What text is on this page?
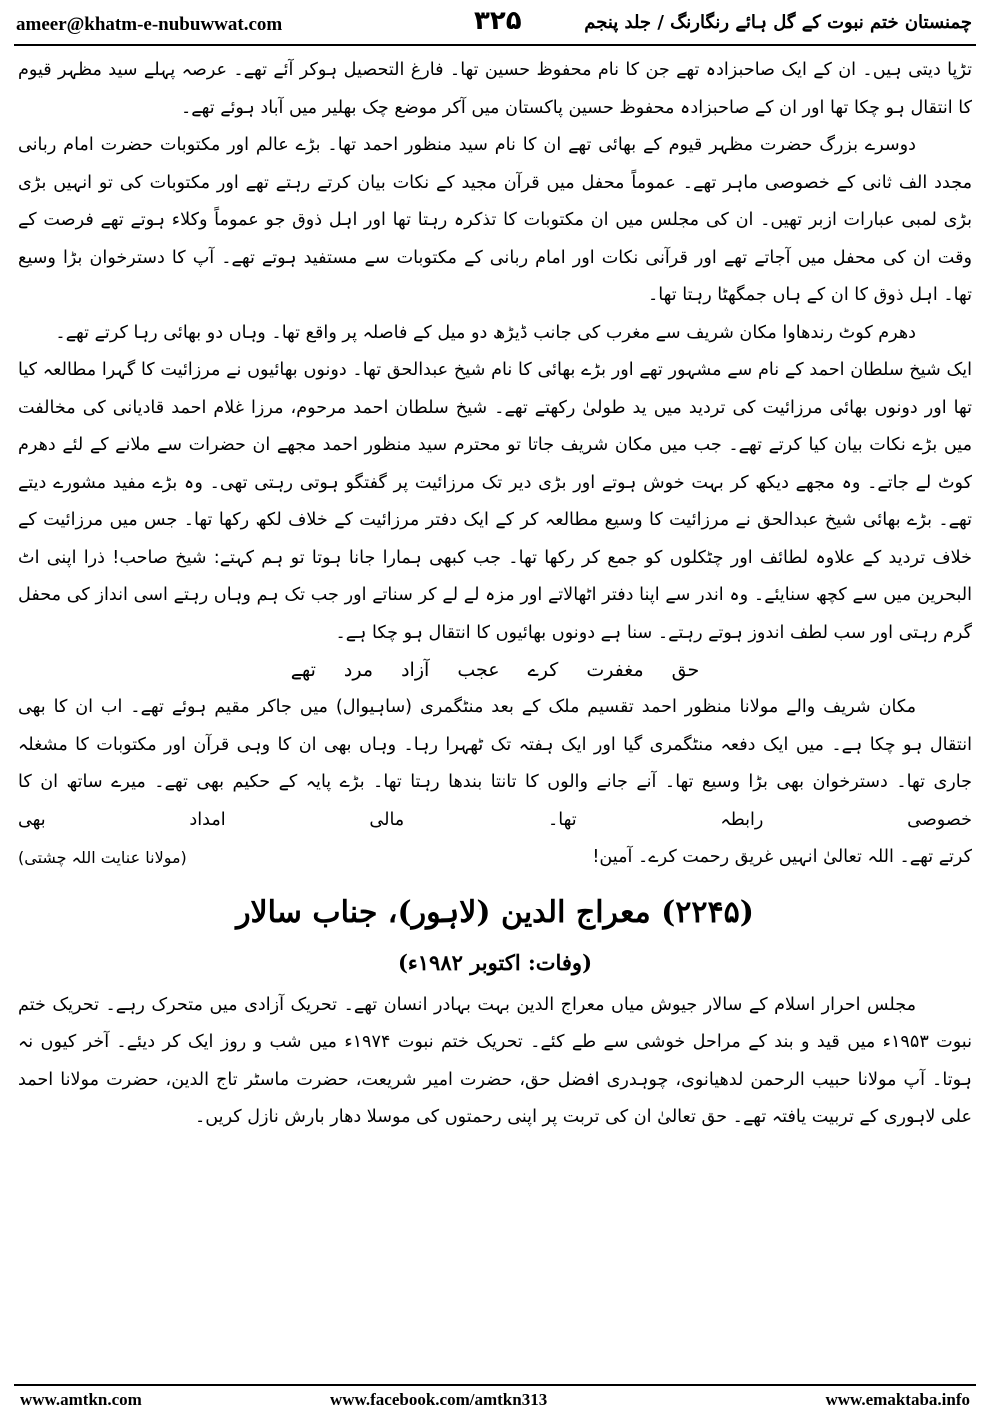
ameer@khatm-e-nubuwwat.com	۳۲۵	چمنستان ختم نبوت کے گل ہائے رنگارنگ / جلد پنجم

تڑپا دیتی ہیں۔ ان کے ایک صاحبزادہ تھے جن کا نام محفوظ حسین تھا۔ فارغ التحصیل ہوکر آئے تھے۔ عرصہ پہلے سید مظہر قیوم کا انتقال ہو چکا تھا اور ان کے صاحبزادہ محفوظ حسین پاکستان میں آکر موضع چک بھلیر میں آباد ہوئے تھے۔

دوسرے بزرگ حضرت مظہر قیوم کے بھائی تھے ان کا نام سید منظور احمد تھا۔ بڑے عالم اور مکتوبات حضرت امام ربانی مجدد الف ثانی کے خصوصی ماہر تھے۔ عموماً محفل میں قرآن مجید کے نکات بیان کرتے رہتے تھے اور مکتوبات کی تو انہیں بڑی بڑی لمبی عبارات ازبر تھیں۔ ان کی مجلس میں ان مکتوبات کا تذکرہ رہتا تھا اور اہل ذوق جو عموماً وکلاء ہوتے تھے فرصت کے وقت ان کی محفل میں آجاتے تھے اور قرآنی نکات اور امام ربانی کے مکتوبات سے مستفید ہوتے تھے۔ آپ کا دسترخوان بڑا وسیع تھا۔ اہل ذوق کا ان کے ہاں جمگھٹا رہتا تھا۔

دھرم کوٹ رندھاوا مکان شریف سے مغرب کی جانب ڈیڑھ دو میل کے فاصلہ پر واقع تھا۔ وہاں دو بھائی رہا کرتے تھے۔

ایک شیخ سلطان احمد کے نام سے مشہور تھے اور بڑے بھائی کا نام شیخ عبدالحق تھا۔ دونوں بھائیوں نے مرزائیت کا گہرا مطالعہ کیا تھا اور دونوں بھائی مرزائیت کی تردید میں ید طولیٰ رکھتے تھے۔ شیخ سلطان احمد مرحوم، مرزا غلام احمد قادیانی کی مخالفت میں بڑے نکات بیان کیا کرتے تھے۔ جب میں مکان شریف جاتا تو محترم سید منظور احمد مجھے ان حضرات سے ملانے کے لئے دھرم کوٹ لے جاتے۔ وہ مجھے دیکھ کر بہت خوش ہوتے اور بڑی دیر تک مرزائیت پر گفتگو ہوتی رہتی تھی۔ وہ بڑے مفید مشورے دیتے تھے۔ بڑے بھائی شیخ عبدالحق نے مرزائیت کا وسیع مطالعہ کر کے ایک دفتر مرزائیت کے خلاف لکھ رکھا تھا۔ جس میں مرزائیت کے خلاف تردید کے علاوہ لطائف اور چٹکلوں کو جمع کر رکھا تھا۔ جب کبھی ہمارا جانا ہوتا تو ہم کہتے: شیخ صاحب! ذرا اپنی اٹ البحرین میں سے کچھ سنایئے۔ وہ اندر سے اپنا دفتر اٹھالاتے اور مزہ لے لے کر سناتے اور جب تک ہم وہاں رہتے اسی انداز کی محفل گرم رہتی اور سب لطف اندوز ہوتے رہتے۔ سنا ہے دونوں بھائیوں کا انتقال ہو چکا ہے۔

حق مغفرت کرے عجب آزاد مرد تھے

مکان شریف والے مولانا منظور احمد تقسیم ملک کے بعد منٹگمری (ساہیوال) میں جاکر مقیم ہوئے تھے۔ اب ان کا بھی انتقال ہو چکا ہے۔ میں ایک دفعہ منٹگمری گیا اور ایک ہفتہ تک ٹھہرا رہا۔ وہاں بھی ان کا وہی قرآن اور مکتوبات کا مشغلہ جاری تھا۔ دسترخوان بھی بڑا وسیع تھا۔ آنے جانے والوں کا تانتا بندھا رہتا تھا۔ بڑے پایہ کے حکیم بھی تھے۔ میرے ساتھ ان کا خصوصی رابطہ تھا۔ مالی امداد بھی

کرتے تھے۔ اللہ تعالیٰ انہیں غریق رحمت کرے۔ آمین!
(مولانا عنایت اللہ چشتی)
(۲۲۴۵) معراج الدین (لاہور)، جناب سالار
(وفات: اکتوبر ۱۹۸۲ء)

مجلس احرار اسلام کے سالار جیوش میاں معراج الدین بہت بہادر انسان تھے۔ تحریک آزادی میں متحرک رہے۔ تحریک ختم نبوت ۱۹۵۳ء میں قید و بند کے مراحل خوشی سے طے کئے۔ تحریک ختم نبوت ۱۹۷۴ء میں شب و روز ایک کر دیئے۔ آخر کیوں نہ ہوتا۔ آپ مولانا حبیب الرحمن لدھیانوی، چوہدری افضل حق، حضرت امیر شریعت، حضرت ماسٹر تاج الدین، حضرت مولانا احمد علی لاہوری کے تربیت یافتہ تھے۔ حق تعالیٰ ان کی تربت پر اپنی رحمتوں کی موسلا دھار بارش نازل کریں۔

www.amtkn.com	www.facebook.com/amtkn313	www.emaktaba.info
